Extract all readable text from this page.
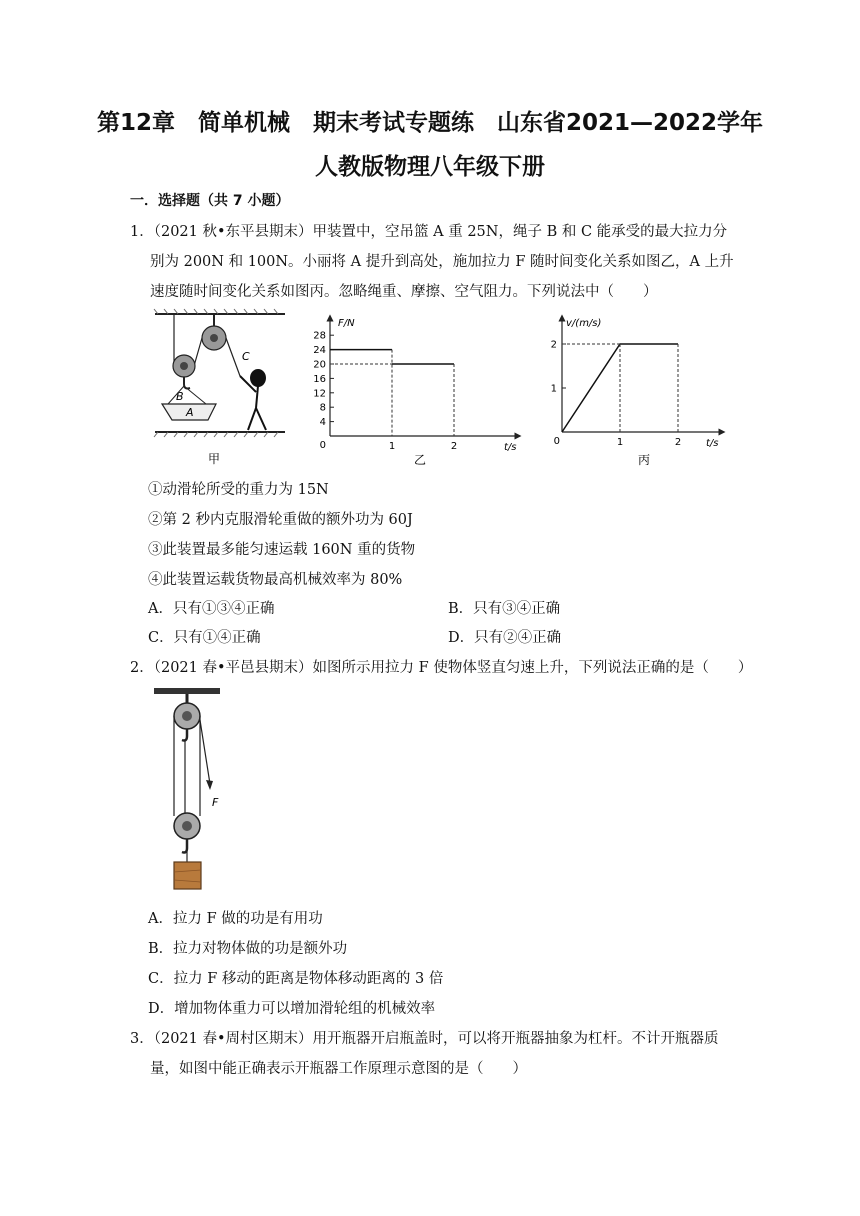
第12章　简单机械　期末考试专题练　山东省2021—2022学年
人教版物理八年级下册
一．选择题（共 7 小题）
1．（2021 秋•东平县期末）甲装置中，空吊篮 A 重 25N，绳子 B 和 C 能承受的最大拉力分
别为 200N 和 100N。小丽将 A 提升到高处，施加拉力 F 随时间变化关系如图乙，A 上升
速度随时间变化关系如图丙。忽略绳重、摩擦、空气阻力。下列说法中（　　）
B
A
C
甲
F/N
t/s
0
4
8
12
16
20
24
28
1	2
乙
v/(m/s)
t/s
0
1
2
1	2
丙
①动滑轮所受的重力为 15N
②第 2 秒内克服滑轮重做的额外功为 60J
③此装置最多能匀速运载 160N 重的货物
④此装置运载货物最高机械效率为 80%
A．只有①③④正确	B．只有③④正确
C．只有①④正确	D．只有②④正确
2．（2021 春•平邑县期末）如图所示用拉力 F 使物体竖直匀速上升，下列说法正确的是（　　）
F
A．拉力 F 做的功是有用功
B．拉力对物体做的功是额外功
C．拉力 F 移动的距离是物体移动距离的 3 倍
D．增加物体重力可以增加滑轮组的机械效率
3．（2021 春•周村区期末）用开瓶器开启瓶盖时，可以将开瓶器抽象为杠杆。不计开瓶器质
量，如图中能正确表示开瓶器工作原理示意图的是（　　）
